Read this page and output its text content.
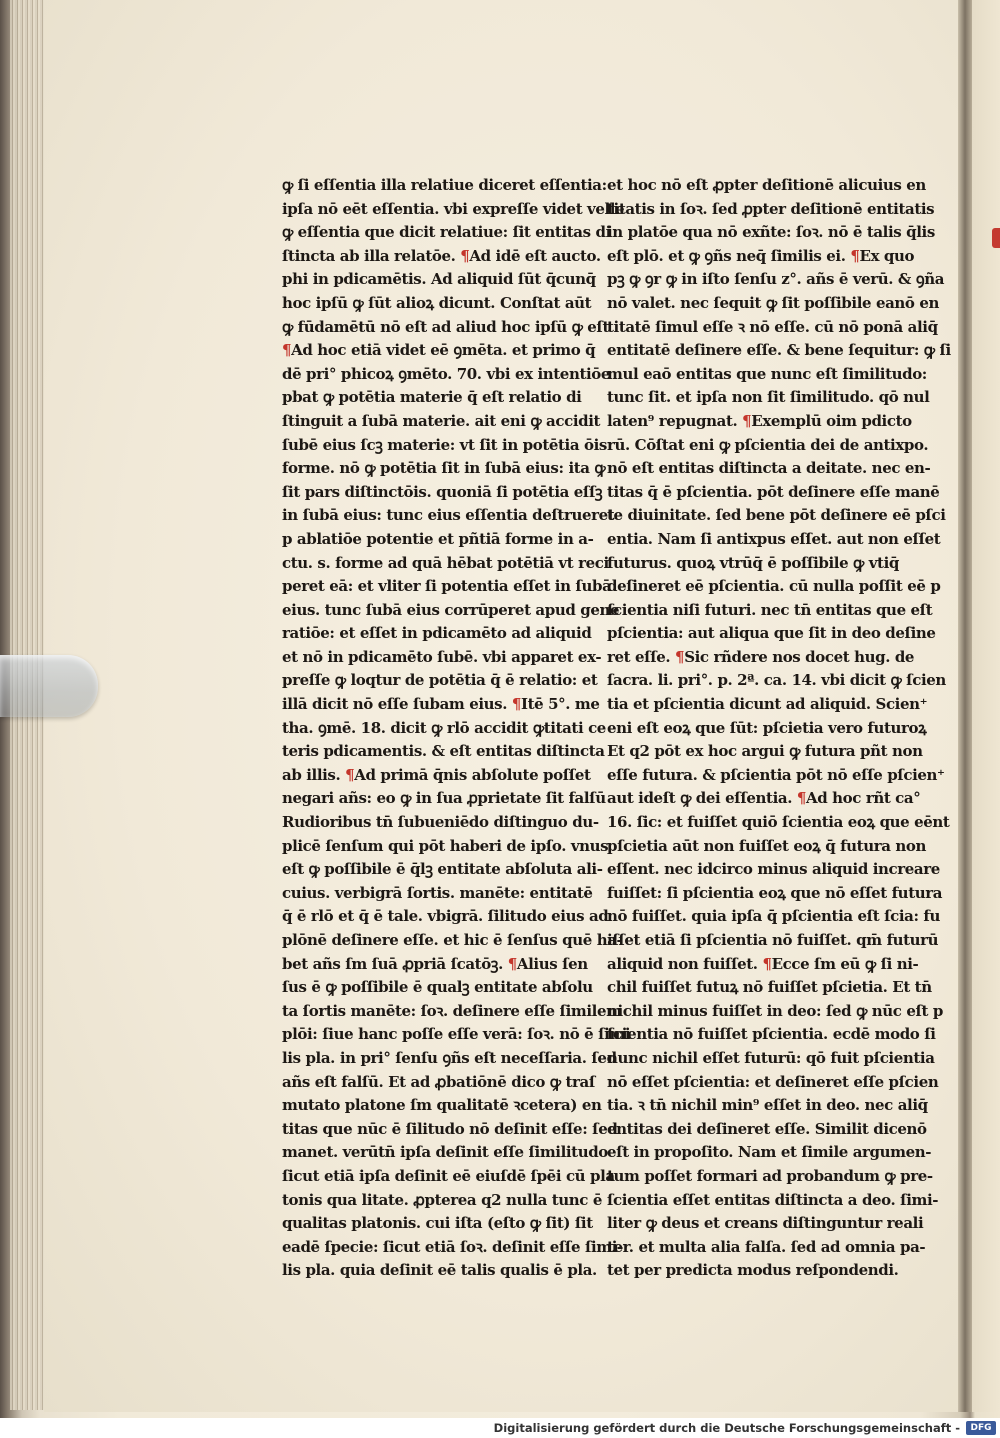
ꝙ ſi eſſentia illa relatiue diceret eſſentia:
ipſa nō eēt eſſentia. vbi expreſſe videt velle
ꝙ eſſentia que dicit relatiue: ſit entitas di
ſtincta ab illa relatōe. ¶Ad idē eſt aucto.
phi in pdicamētis. Ad aliquid ſūt q̄cunq̄
hoc ipſū ꝙ ſūt alioꝝ dicunt. Conſtat aūt
ꝙ fūdamētū nō eſt ad aliud hoc ipſū ꝙ eſt
¶Ad hoc etiā videt eē ꝯmēta. et primo q̄
dē pri° phicoꝝ ꝯmēto. 70. vbi ex intentiōe
pbat ꝙ potētia materie q̄ eſt relatio di
ſtinguit a ſubā materie. ait eni ꝙ accidit
ſubē eius ſcꝫ materie: vt ſit in potētia ōis
forme. nō ꝙ potētia ſit in ſubā eius: ita ꝙ
ſit pars diſtinctōis. quoniā ſi potētia eſſꝫ
in ſubā eius: tunc eius eſſentia deſtrueret
p ablatiōe potentie et pñtiā forme in a-
ctu. s. forme ad quā hēbat potētiā vt reci
peret eā: et vliter ſi potentia eſſet in ſubā
eius. tunc ſubā eius corrūperet apud gene
ratiōe: et eſſet in pdicamēto ad aliquid
et nō in pdicamēto ſubē. vbi apparet ex-
preſſe ꝙ loqtur de potētia q̄ ē relatio: et
illā dicit nō eſſe ſubam eius. ¶Itē 5°. me
tha. ꝯmē. 18. dicit ꝙ rlō accidit ꝙtitati ce
teris pdicamentis. & eſt entitas diſtincta
ab illis. ¶Ad primā q̄nis abſolute poſſet
negari añs: eo ꝙ in ſua ꝓprietate ſit falſū
Rudioribus tn̄ ſubueniēdo diſtinguo du-
plicē ſenſum qui pōt haberi de ipſo. vnus
eſt ꝙ poſſibile ē q̄lꝫ entitate abſoluta ali-
cuius. verbigrā ſortis. manēte: entitatē
q̄ ē rlō et q̄ ē tale. vbigrā. ſilitudo eius ad
plōnē deſinere eſſe. et hic ē ſenſus quē ha-
bet añs ſm ſuā ꝓpriā ſcatōꝫ. ¶Alius ſen
ſus ē ꝙ poſſibile ē qualꝫ entitate abſolu
ta ſortis manēte: ſoꝛ. deſinere eſſe ſimilem
plōi: ſiue hanc poſſe eſſe verā: ſoꝛ. nō ē ſimi
lis pla. in pri° ſenſu ꝯñs eſt neceſſaria. ſed
añs eſt falſū. Et ad ꝓbatiōnē dico ꝙ traſ
mutato platone ſm qualitatē ꝛcetera) en
titas que nūc ē ſilitudo nō deſinit eſſe: ſed
manet. verūtn̄ ipſa deſinit eſſe ſimilitudo
ſicut etiā ipſa deſinit eē eiuſdē ſpēi cū pla
tonis qua litate. ꝓpterea q2 nulla tunc ē
qualitas platonis. cui iſta (eſto ꝙ ſit) ſit
eadē ſpecie: ſicut etiā ſoꝛ. deſinit eſſe ſimi-
lis pla. quia deſinit eē talis qualis ē pla.
et hoc nō eſt ꝓpter deſitionē alicuius en
titatis in ſoꝛ. ſed ꝓpter deſitionē entitatis
in platōe qua nō exñte: ſoꝛ. nō ē talis q̄lis
eſt plō. et ꝙ ꝯñs neq̄ ſimilis ei. ¶Ex quo
pꝫ ꝙ ꝯr ꝙ in iſto ſenſu z°. añs ē verū. & ꝯña
nō valet. nec ſequit ꝙ ſit poſſibile eanō en
titatē ſimul eſſe ꝛ nō eſſe. cū nō ponā aliq̄
entitatē deſinere eſſe. & bene ſequitur: ꝙ ſi
mul eaō entitas que nunc eſt ſimilitudo:
tunc ſit. et ipſa non ſit ſimilitudo. qō nul
laten⁹ repugnat. ¶Exemplū oim pdicto
rū. Cōſtat eni ꝙ pſcientia dei de antixpo.
nō eſt entitas diſtincta a deitate. nec en-
titas q̄ ē pſcientia. pōt deſinere eſſe manē
te diuinitate. ſed bene pōt deſinere eē pſci
entia. Nam ſi antixpus eſſet. aut non eſſet
futurus. quoꝝ vtrūq̄ ē poſſibile ꝙ vtiq̄
deſineret eē pſcientia. cū nulla poſſit eē p
ſcientia niſi futuri. nec tn̄ entitas que eſt
pſcientia: aut aliqua que ſit in deo deſine
ret eſſe. ¶Sic rñdere nos docet hug. de
ſacra. li. pri°. p. 2ª. ca. 14. vbi dicit ꝙ ſcien
tia et pſcientia dicunt ad aliquid. Scien⁺
eni eſt eoꝝ que ſūt: pſcietia vero futuroꝝ
Et q2 pōt ex hoc argui ꝙ futura pñt non
eſſe futura. & pſcientia pōt nō eſſe pſcien⁺
aut ideſt ꝙ dei eſſentia. ¶Ad hoc rñt ca°
16. ſic: et fuiſſet quiō ſcientia eoꝝ que eēnt
pſcietia aūt non fuiſſet eoꝝ q̄ futura non
eſſent. nec idcirco minus aliquid increare
fuiſſet: ſi pſcientia eoꝝ que nō eſſet futura
nō fuiſſet. quia ipſa q̄ pſcientia eſt ſcia: fu
iſſet etiā ſi pſcientia nō fuiſſet. qm̄ futurū
aliquid non fuiſſet. ¶Ecce ſm eū ꝙ ſi ni-
chil fuiſſet futuꝝ nō fuiſſet pſcietia. Et tn̄
nichil minus fuiſſet in deo: ſed ꝙ nūc eſt p
ſcientia nō fuiſſet pſcientia. ecdē modo ſi
nunc nichil eſſet futurū: qō fuit pſcientia
nō eſſet pſcientia: et deſineret eſſe pſcien
tia. ꝛ tn̄ nichil min⁹ eſſet in deo. nec aliq̄
entitas dei deſineret eſſe. Similit dicenō
eſt in propoſito. Nam et ſimile argumen-
tum poſſet formari ad probandum ꝙ pre-
ſcientia eſſet entitas diſtincta a deo. ſimi-
liter ꝙ deus et creans diſtinguntur reali
ter. et multa alia falſa. ſed ad omnia pa-
tet per predicta modus reſpondendi.
Digitalisierung gefördert durch die Deutsche Forschungsgemeinschaft -	DFG
